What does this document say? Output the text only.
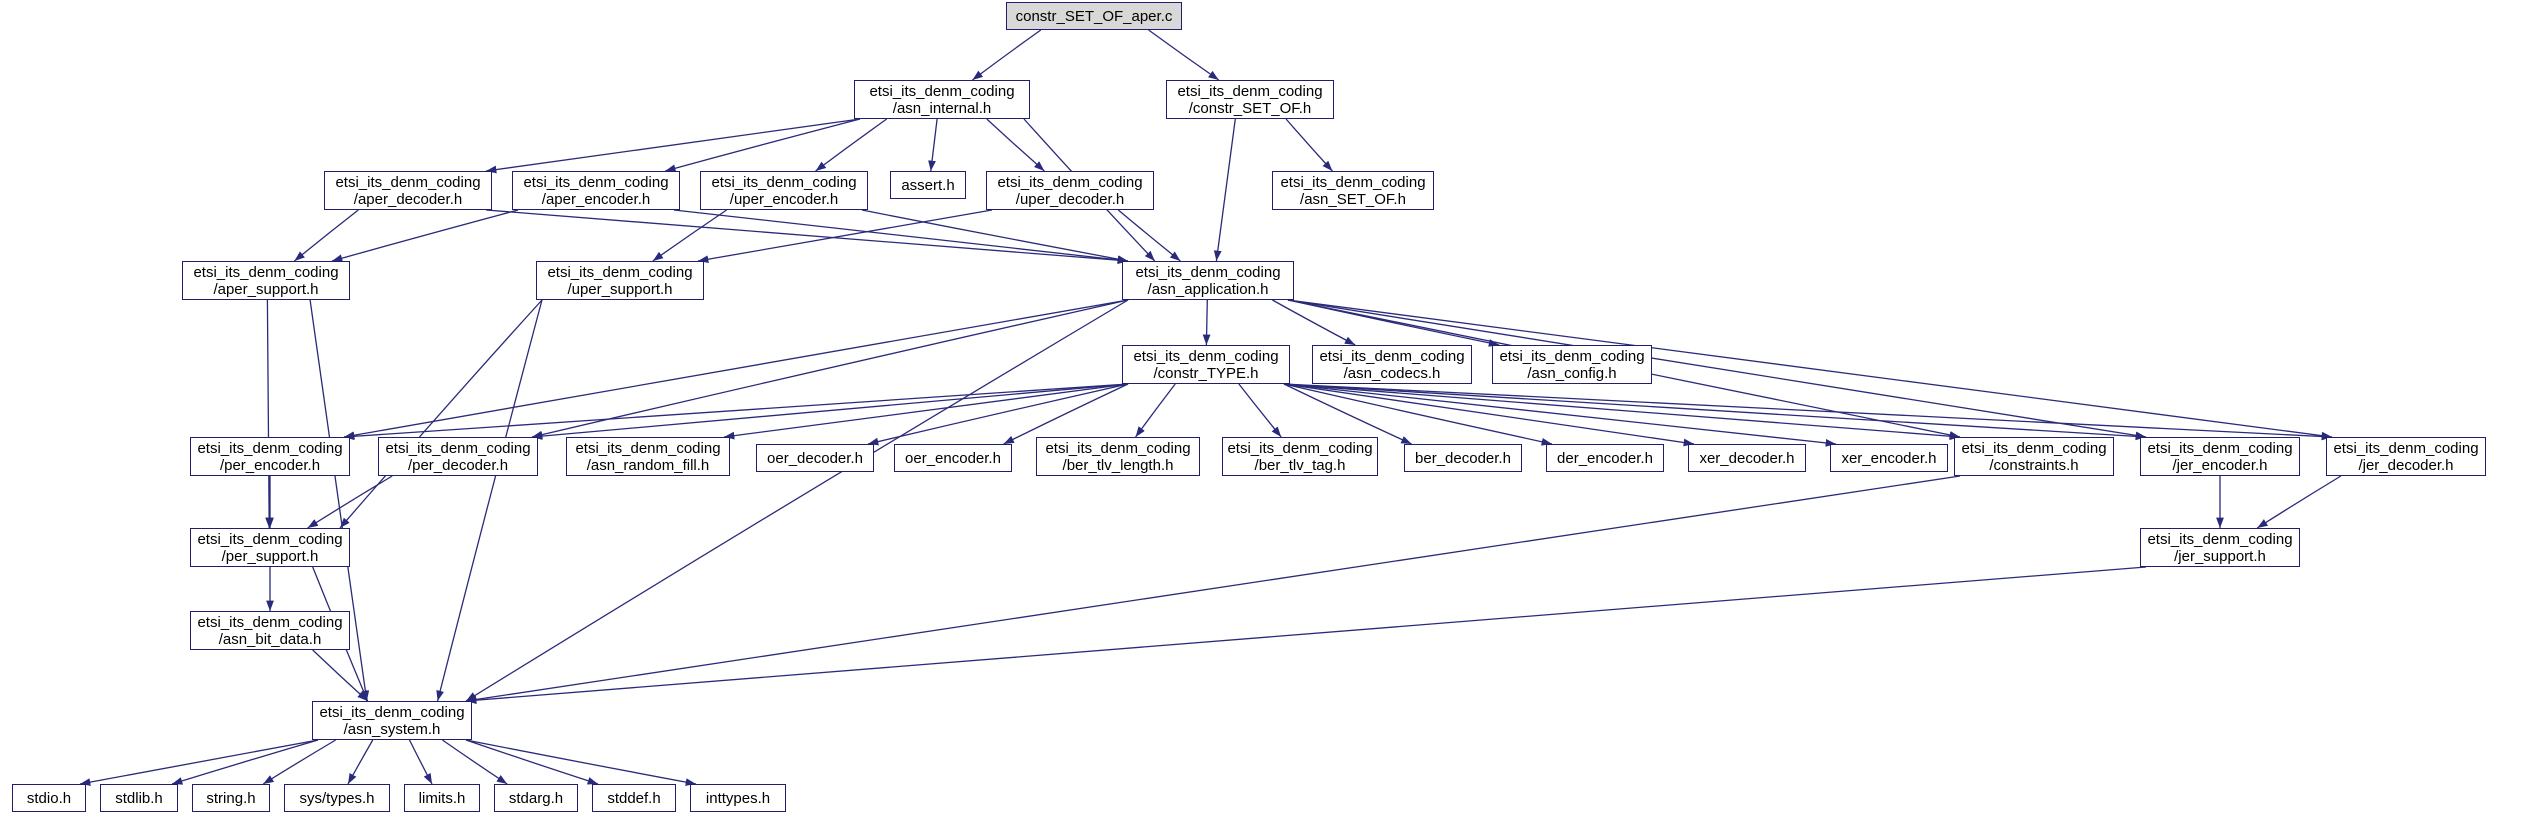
constr_SET_OF_aper.c
etsi_its_denm_coding
/asn_internal.h
etsi_its_denm_coding
/constr_SET_OF.h
etsi_its_denm_coding
/aper_decoder.h
etsi_its_denm_coding
/aper_encoder.h
etsi_its_denm_coding
/uper_encoder.h
assert.h	etsi_its_denm_coding
/uper_decoder.h
etsi_its_denm_coding
/asn_SET_OF.h
etsi_its_denm_coding
/aper_support.h
etsi_its_denm_coding
/uper_support.h
etsi_its_denm_coding
/asn_application.h
etsi_its_denm_coding
/constr_TYPE.h
etsi_its_denm_coding
/asn_codecs.h
etsi_its_denm_coding
/asn_config.h
etsi_its_denm_coding
/per_encoder.h
etsi_its_denm_coding
/per_decoder.h
etsi_its_denm_coding
/asn_random_fill.h	oer_decoder.h	oer_encoder.h
etsi_its_denm_coding
/ber_tlv_length.h
etsi_its_denm_coding
/ber_tlv_tag.h	ber_decoder.h	der_encoder.h	xer_decoder.h	xer_encoder.h
etsi_its_denm_coding
/constraints.h
etsi_its_denm_coding
/jer_encoder.h
etsi_its_denm_coding
/jer_decoder.h
etsi_its_denm_coding
/per_support.h
etsi_its_denm_coding
/jer_support.h
etsi_its_denm_coding
/asn_bit_data.h
etsi_its_denm_coding
/asn_system.h
stdio.h	stdlib.h	string.h	sys/types.h	limits.h	stdarg.h	stddef.h	inttypes.h
